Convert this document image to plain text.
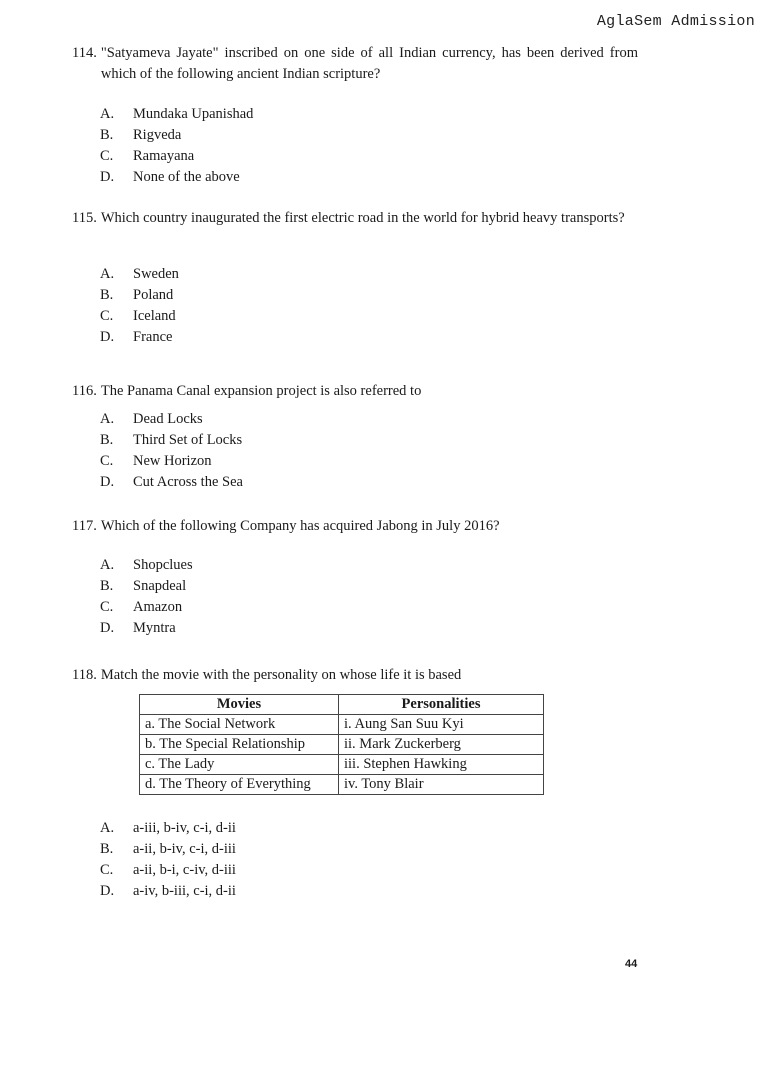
AglaSem Admission
114. "Satyameva Jayate" inscribed on one side of all Indian currency, has been derived from which of the following ancient Indian scripture?
A.	Mundaka Upanishad
B.	Rigveda
C.	Ramayana
D.	None of the above
115. Which country inaugurated the first electric road in the world for hybrid heavy transports?
A.	Sweden
B.	Poland
C.	Iceland
D.	France
116. The Panama Canal expansion project is also referred to
A.	Dead Locks
B.	Third Set of Locks
C.	New Horizon
D.	Cut Across the Sea
117. Which of the following Company has acquired Jabong in July 2016?
A.	Shopclues
B.	Snapdeal
C.	Amazon
D.	Myntra
118. Match the movie with the personality on whose life it is based
Movies	Personalities
a. The Social Network	i. Aung San Suu Kyi
b. The Special Relationship	ii. Mark Zuckerberg
c. The Lady	iii. Stephen Hawking
d. The Theory of Everything	iv. Tony Blair
A.	a-iii, b-iv, c-i, d-ii
B.	a-ii, b-iv, c-i, d-iii
C.	a-ii, b-i, c-iv, d-iii
D.	a-iv, b-iii, c-i, d-ii
44
